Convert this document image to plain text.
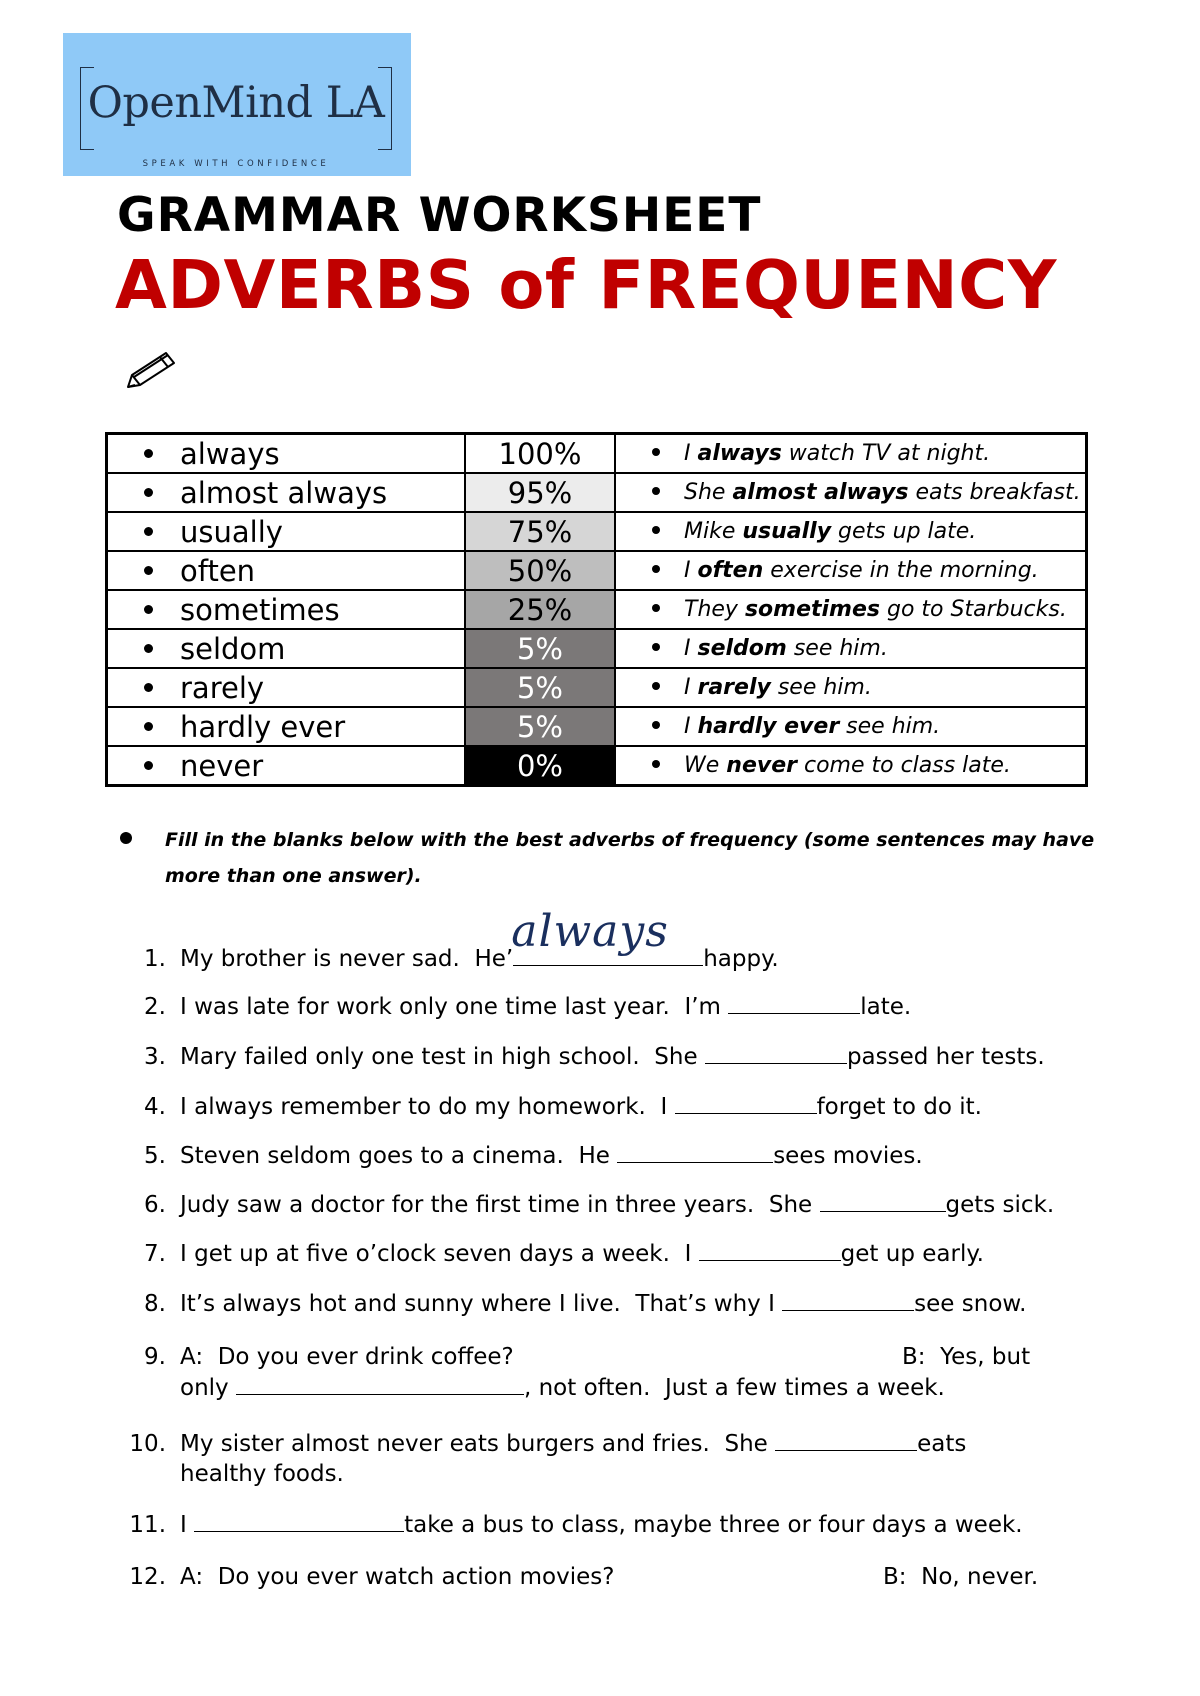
OpenMind LA
SPEAK WITH CONFIDENCE
GRAMMAR WORKSHEET
ADVERBS of FREQUENCY
always	100%	I always watch TV at night.
almost always	95%	She almost always eats breakfast.
usually	75%	Mike usually gets up late.
often	50%	I often exercise in the morning.
sometimes	25%	They sometimes go to Starbucks.
seldom	5%	I seldom see him.
rarely	5%	I rarely see him.
hardly ever	5%	I hardly ever see him.
never	0%	We never come to class late.
Fill in the blanks below with the best adverbs of frequency (some sentences may have more than one answer).
1. My brother is never sad.  He’
always
happy.
2. I was late for work only one time last year.  I’m	late.
3. Mary failed only one test in high school.  She	passed her tests.
4. I always remember to do my homework.  I	forget to do it.
5. Steven seldom goes to a cinema.  He	sees movies.
6. Judy saw a doctor for the first time in three years.  She	gets sick.
7. I get up at five o’clock seven days a week.  I	get up early.
8. It’s always hot and sunny where I live.  That’s why I	see snow.
9. A:  Do you ever drink coffee?	B:  Yes, but
only	, not often.  Just a few times a week.
10. My sister almost never eats burgers and fries.  She	eats
healthy foods.
11. I	take a bus to class, maybe three or four days a week.
12. A:  Do you ever watch action movies?	B:  No, never.
